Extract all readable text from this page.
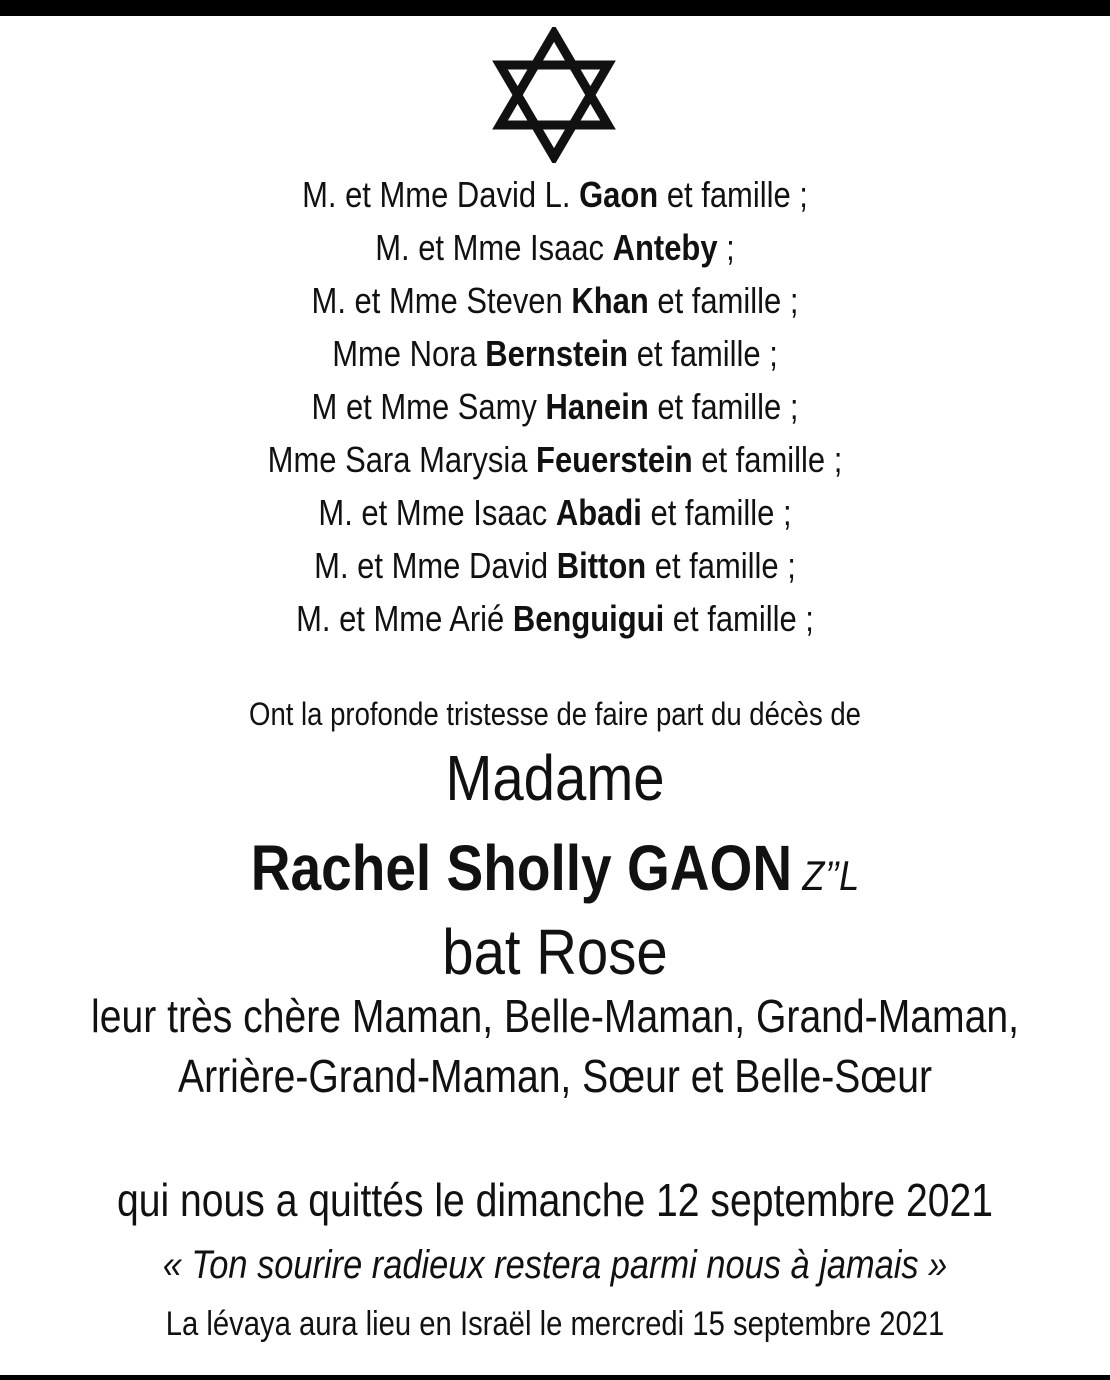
M. et Mme David L. Gaon et famille ;
M. et Mme Isaac Anteby ;
M. et Mme Steven Khan et famille ;
Mme Nora Bernstein et famille ;
M et Mme Samy Hanein et famille ;
Mme Sara Marysia Feuerstein et famille ;
M. et Mme Isaac Abadi et famille ;
M. et Mme David Bitton et famille ;
M. et Mme Arié Benguigui et famille ;
Ont la profonde tristesse de faire part du décès de
Madame
Rachel Sholly GAON Z’’L
bat Rose
leur très chère Maman, Belle-Maman, Grand-Maman,
Arrière-Grand-Maman, Sœur et Belle-Sœur
qui nous a quittés le dimanche 12 septembre 2021
« Ton sourire radieux restera parmi nous à jamais »
La lévaya aura lieu en Israël le mercredi 15 septembre 2021
